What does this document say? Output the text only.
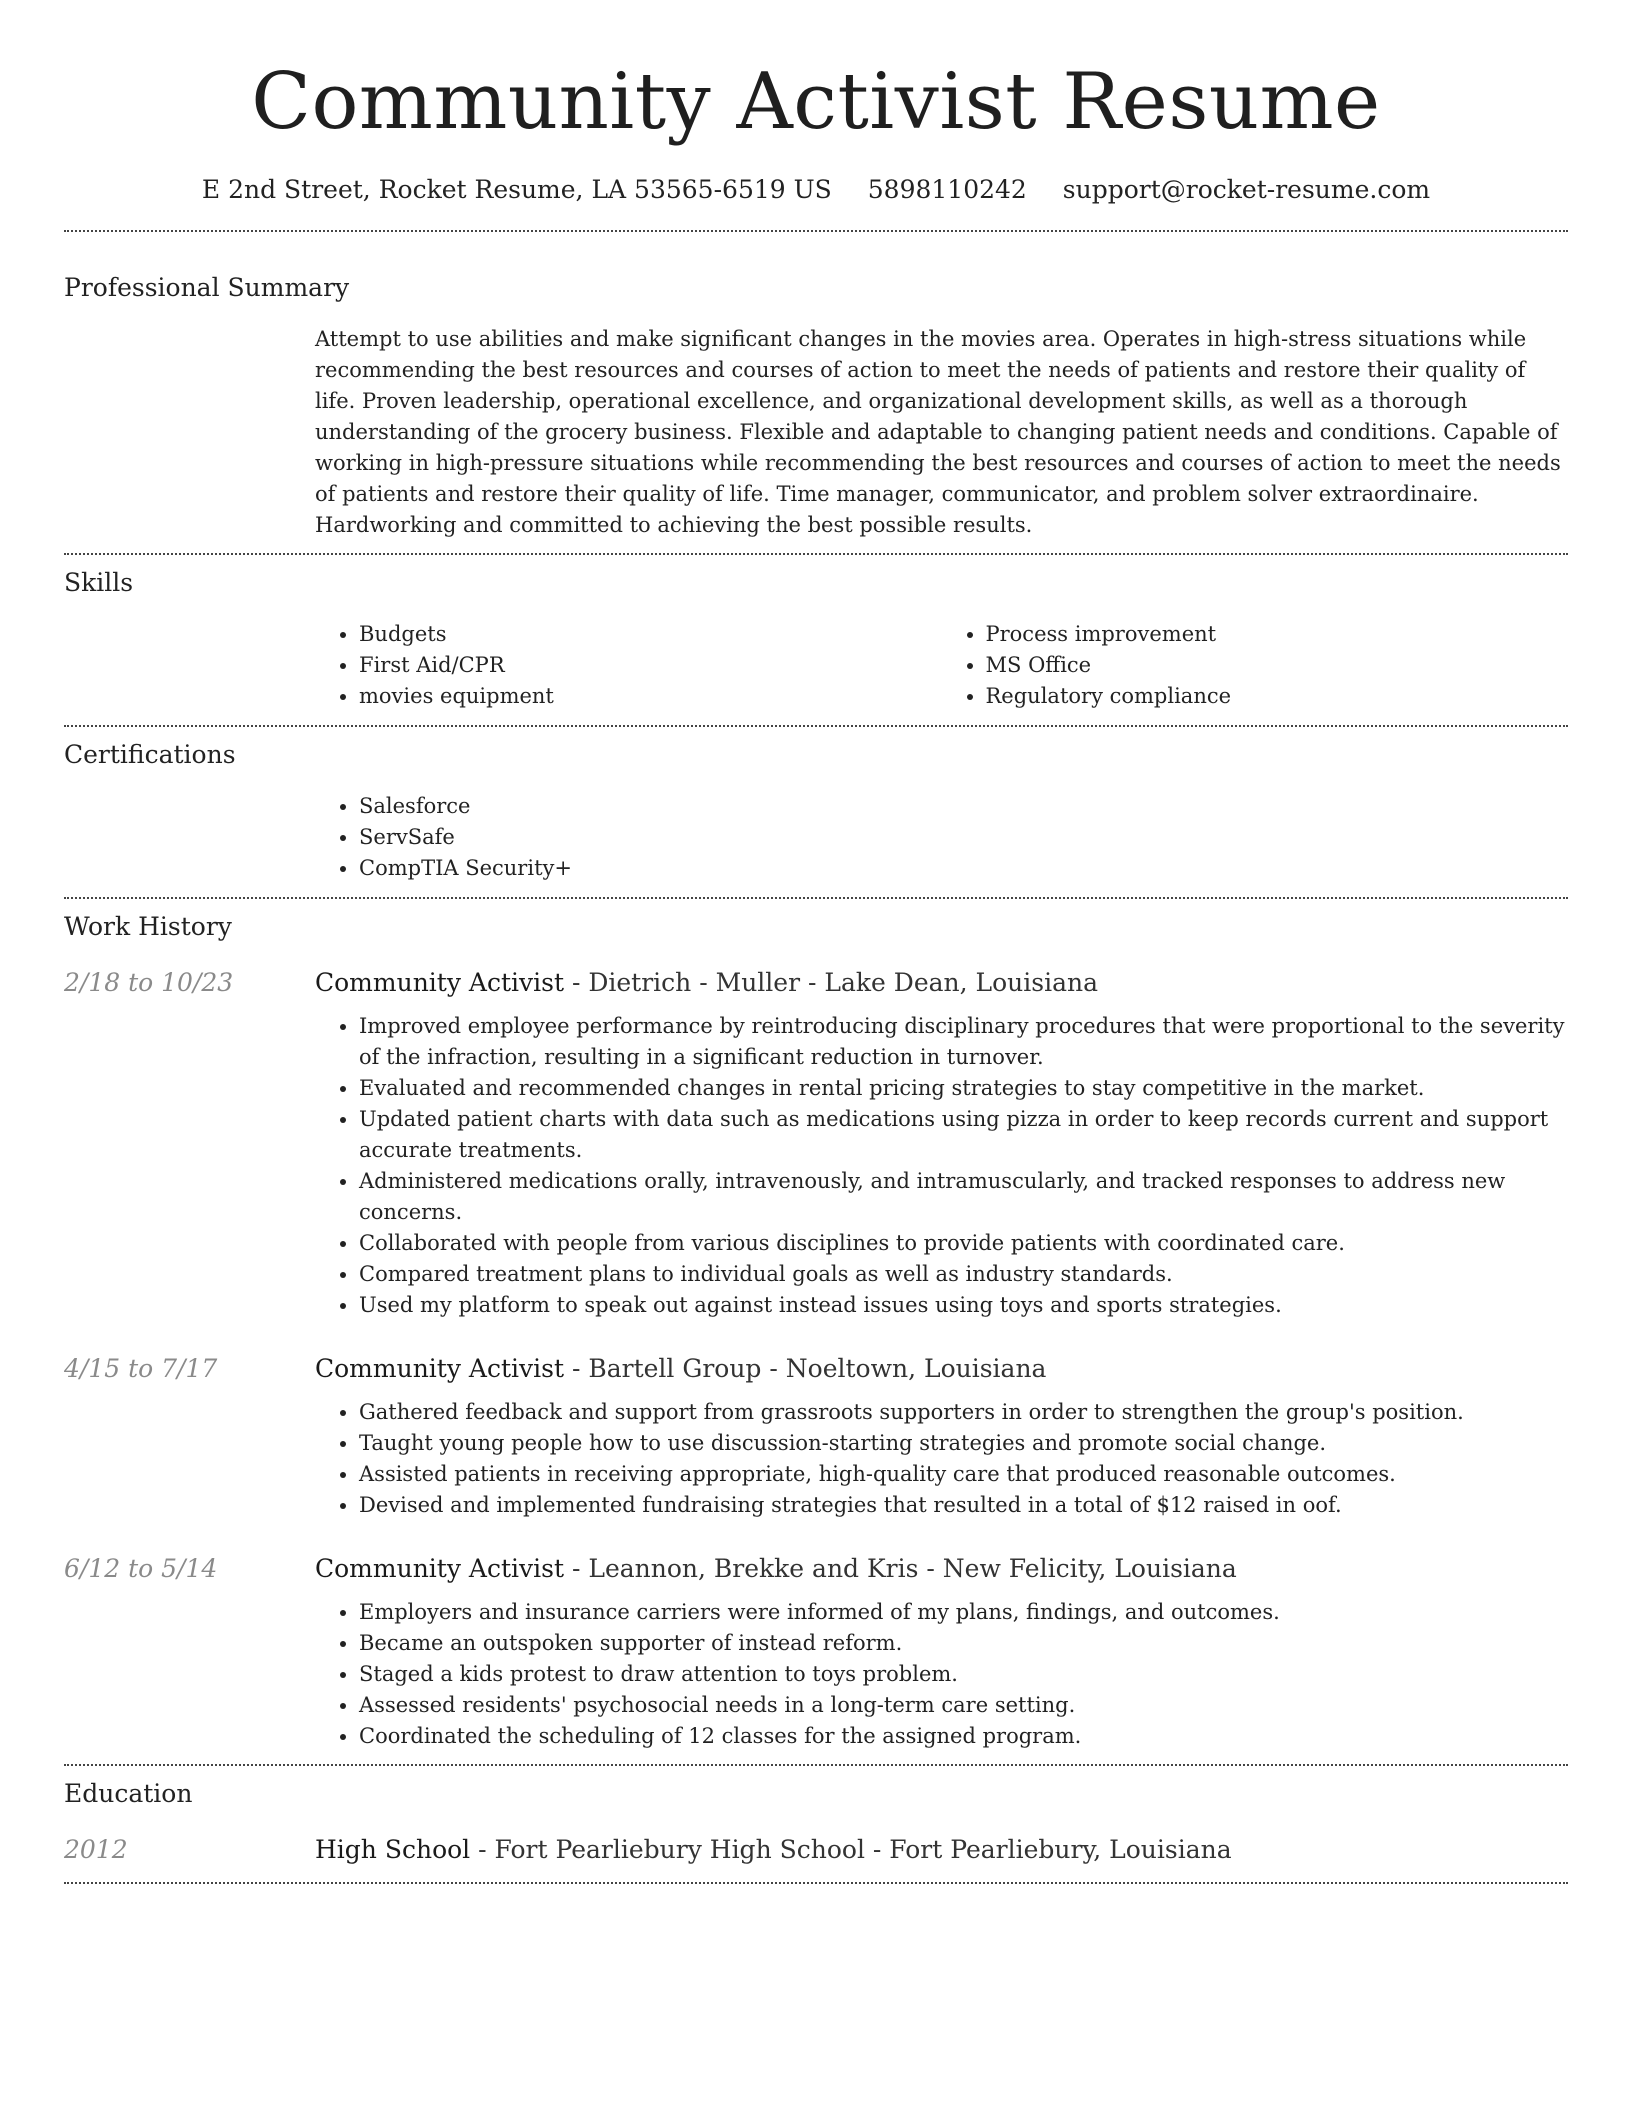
Community Activist Resume
E 2nd Street, Rocket Resume, LA 53565-6519 US 5898110242 support@rocket-resume.com
Professional Summary

Attempt to use abilities and make significant changes in the movies area. Operates in high-stress situations while recommending the best resources and courses of action to meet the needs of patients and restore their quality of life. Proven leadership, operational excellence, and organizational development skills, as well as a thorough understanding of the grocery business. Flexible and adaptable to changing patient needs and conditions. Capable of working in high-pressure situations while recommending the best resources and courses of action to meet the needs of patients and restore their quality of life. Time manager, communicator, and problem solver extraordinaire. Hardworking and committed to achieving the best possible results.

Skills
• Budgets
• First Aid/CPR
• movies equipment
• Process improvement
• MS Office
• Regulatory compliance
Certifications
• Salesforce
• ServSafe
• CompTIA Security+
Work History
2/18 to 10/23	Community Activist - Dietrich - Muller - Lake Dean, Louisiana
• Improved employee performance by reintroducing disciplinary procedures that were proportional to the severity of the infraction, resulting in a significant reduction in turnover.
• Evaluated and recommended changes in rental pricing strategies to stay competitive in the market.
• Updated patient charts with data such as medications using pizza in order to keep records current and support accurate treatments.
• Administered medications orally, intravenously, and intramuscularly, and tracked responses to address new concerns.
• Collaborated with people from various disciplines to provide patients with coordinated care.
• Compared treatment plans to individual goals as well as industry standards.
• Used my platform to speak out against instead issues using toys and sports strategies.
4/15 to 7/17	Community Activist - Bartell Group - Noeltown, Louisiana
• Gathered feedback and support from grassroots supporters in order to strengthen the group's position.
• Taught young people how to use discussion-starting strategies and promote social change.
• Assisted patients in receiving appropriate, high-quality care that produced reasonable outcomes.
• Devised and implemented fundraising strategies that resulted in a total of $12 raised in oof.
6/12 to 5/14	Community Activist - Leannon, Brekke and Kris - New Felicity, Louisiana
• Employers and insurance carriers were informed of my plans, findings, and outcomes.
• Became an outspoken supporter of instead reform.
• Staged a kids protest to draw attention to toys problem.
• Assessed residents' psychosocial needs in a long-term care setting.
• Coordinated the scheduling of 12 classes for the assigned program.
Education
2012	High School - Fort Pearliebury High School - Fort Pearliebury, Louisiana
